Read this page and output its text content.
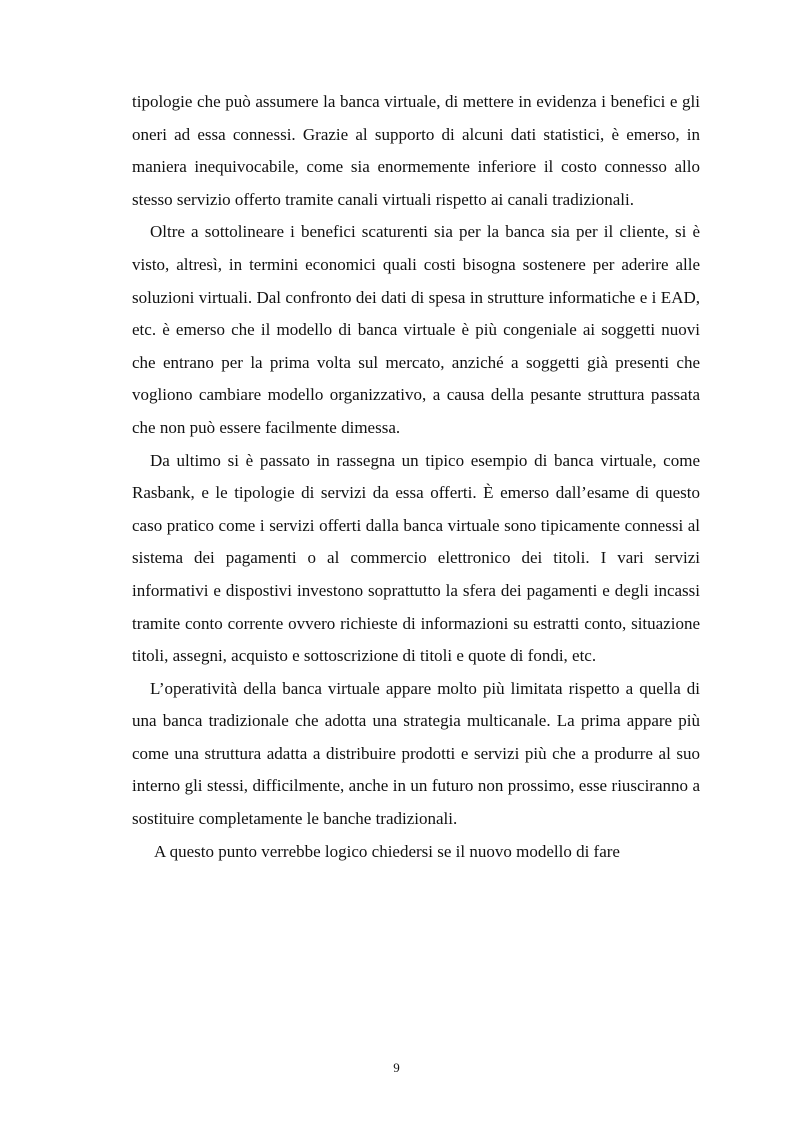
tipologie che può assumere la banca virtuale, di mettere in evidenza i benefici e gli oneri ad essa connessi. Grazie al supporto di alcuni dati statistici, è emerso, in maniera inequivocabile, come sia enormemente inferiore il costo connesso allo stesso servizio offerto tramite canali virtuali rispetto ai canali tradizionali.

Oltre a sottolineare i benefici scaturenti sia per la banca sia per il cliente, si è visto, altresì, in termini economici quali costi bisogna sostenere per aderire alle soluzioni virtuali. Dal confronto dei dati di spesa in strutture informatiche e i EAD, etc. è emerso che il modello di banca virtuale è più congeniale ai soggetti nuovi che entrano per la prima volta sul mercato, anziché a soggetti già presenti che vogliono cambiare modello organizzativo, a causa della pesante struttura passata che non può essere facilmente dimessa.

Da ultimo si è passato in rassegna un tipico esempio di banca virtuale, come Rasbank, e le tipologie di servizi da essa offerti. È emerso dall’esame di questo caso pratico come i servizi offerti dalla banca virtuale sono tipicamente connessi al sistema dei pagamenti o al commercio elettronico dei titoli. I vari servizi informativi e dispostivi investono soprattutto la sfera dei pagamenti e degli incassi tramite conto corrente ovvero richieste di informazioni su estratti conto, situazione titoli, assegni, acquisto e sottoscrizione di titoli e quote di fondi, etc.

L’operatività della banca virtuale appare molto più limitata rispetto a quella di una banca tradizionale che adotta una strategia multicanale. La prima appare più come una struttura adatta a distribuire prodotti e servizi più che a produrre al suo interno gli stessi, difficilmente, anche in un futuro non prossimo, esse riusciranno a sostituire completamente le banche tradizionali.

A questo punto verrebbe logico chiedersi se il nuovo modello di fare

9
